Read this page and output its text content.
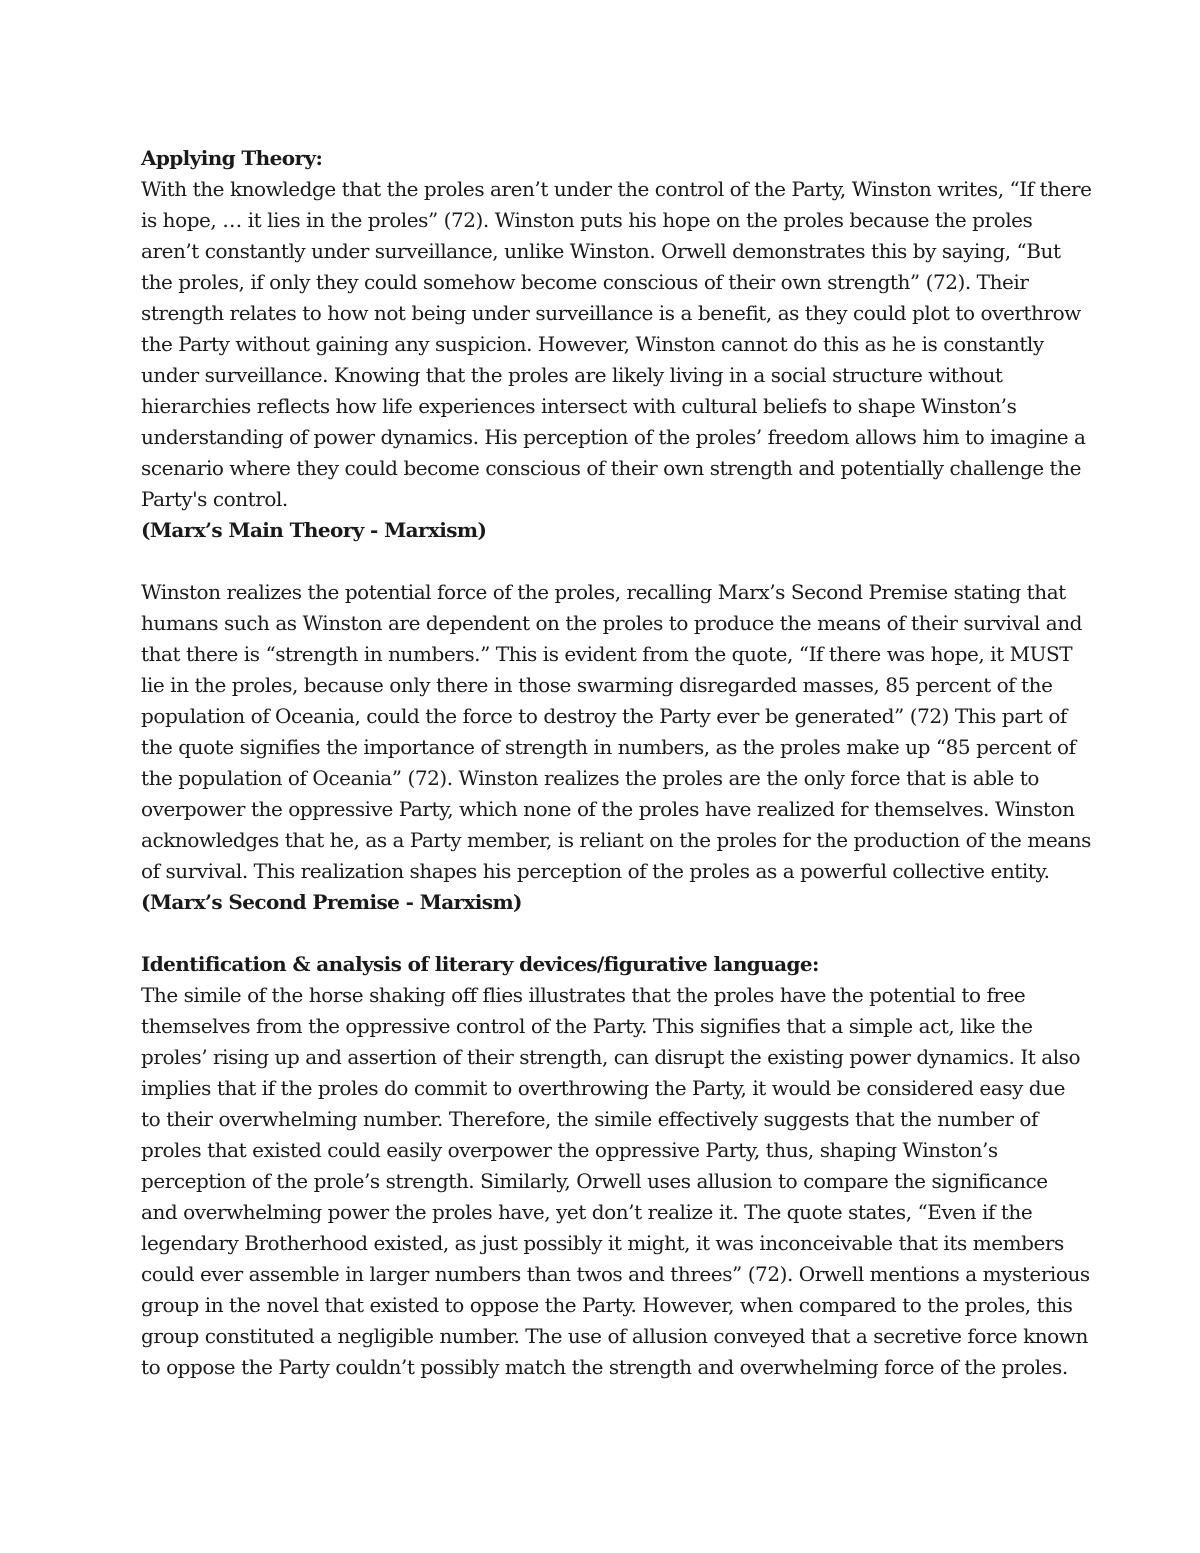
Applying Theory:
With the knowledge that the proles aren’t under the control of the Party, Winston writes, “If there
is hope, … it lies in the proles” (72). Winston puts his hope on the proles because the proles
aren’t constantly under surveillance, unlike Winston. Orwell demonstrates this by saying, “But
the proles, if only they could somehow become conscious of their own strength” (72). Their
strength relates to how not being under surveillance is a benefit, as they could plot to overthrow
the Party without gaining any suspicion. However, Winston cannot do this as he is constantly
under surveillance. Knowing that the proles are likely living in a social structure without
hierarchies reflects how life experiences intersect with cultural beliefs to shape Winston’s
understanding of power dynamics. His perception of the proles’ freedom allows him to imagine a
scenario where they could become conscious of their own strength and potentially challenge the
Party's control.
(Marx’s Main Theory - Marxism)
Winston realizes the potential force of the proles, recalling Marx’s Second Premise stating that
humans such as Winston are dependent on the proles to produce the means of their survival and
that there is “strength in numbers.” This is evident from the quote, “If there was hope, it MUST
lie in the proles, because only there in those swarming disregarded masses, 85 percent of the
population of Oceania, could the force to destroy the Party ever be generated” (72) This part of
the quote signifies the importance of strength in numbers, as the proles make up “85 percent of
the population of Oceania” (72). Winston realizes the proles are the only force that is able to
overpower the oppressive Party, which none of the proles have realized for themselves. Winston
acknowledges that he, as a Party member, is reliant on the proles for the production of the means
of survival. This realization shapes his perception of the proles as a powerful collective entity.
(Marx’s Second Premise - Marxism)
Identification & analysis of literary devices/figurative language:
The simile of the horse shaking off flies illustrates that the proles have the potential to free
themselves from the oppressive control of the Party. This signifies that a simple act, like the
proles’ rising up and assertion of their strength, can disrupt the existing power dynamics. It also
implies that if the proles do commit to overthrowing the Party, it would be considered easy due
to their overwhelming number. Therefore, the simile effectively suggests that the number of
proles that existed could easily overpower the oppressive Party, thus, shaping Winston’s
perception of the prole’s strength. Similarly, Orwell uses allusion to compare the significance
and overwhelming power the proles have, yet don’t realize it. The quote states, “Even if the
legendary Brotherhood existed, as just possibly it might, it was inconceivable that its members
could ever assemble in larger numbers than twos and threes” (72). Orwell mentions a mysterious
group in the novel that existed to oppose the Party. However, when compared to the proles, this
group constituted a negligible number. The use of allusion conveyed that a secretive force known
to oppose the Party couldn’t possibly match the strength and overwhelming force of the proles.
